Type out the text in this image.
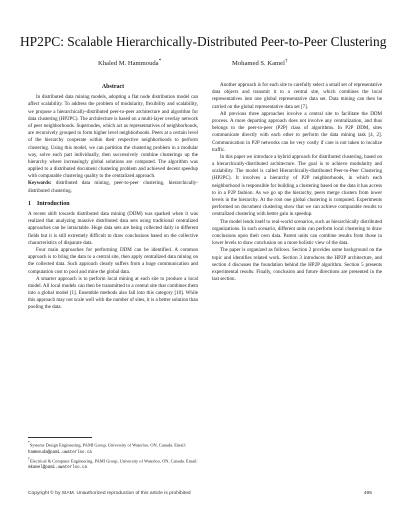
HP2PC: Scalable Hierarchically-Distributed Peer-to-Peer Clustering
Khaled M. Hammouda*	Mohamed S. Kamel†
Abstract

In distributed data mining models, adopting a flat node distribution model can affect scalability. To address the problem of modularity, flexibility and scalability, we propose a hierarchically-distributed peer-to-peer architecture and algorithm for data clustering (HP2PC). The architecture is based on a multi-layer overlay network of peer neighborhoods. Supernodes, which act as representatives of neighborhoods, are recursively grouped to form higher level neighborhoods. Peers at a certain level of the hierarchy cooperate within their respective neighborhoods to perform clustering. Using this model, we can partition the clustering problem in a modular way, solve each part individually, then successively combine clusterings up the hierarchy where increasingly global solutions are computed. The algorithm was applied to a distributed document clustering problem and achieved decent speedup with comparable clustering quality to the centralized approach.

Keywords: distributed data mining, peer-to-peer clustering, hierarchically-distributed clustering.

1 Introduction

A recent shift towards distributed data mining (DDM) was sparked when it was realized that analyzing massive distributed data sets using traditional centralized approaches can be intractable. Huge data sets are being collected daily in different fields but it is still extremely difficult to draw conclusions based on the collective characteristics of disparate data.

Four main approaches for performing DDM can be identified. A common approach is to bring the data to a central site, then apply centralized data mining on the collected data. Such approach clearly suffers from a huge communication and computation cost to pool and mine the global data.

A smarter approach is to perform local mining at each site to produce a local model. All local models can then be transmitted to a central site that combines them into a global model [1]. Ensemble methods also fall into this category [10]. While this approach may not scale well with the number of sites, it is a better solution than pooling the data.

Another approach is for each site to carefully select a small set of representative data objects and transmit it to a central site, which combines the local representatives into one global representative data set. Data mining can then be carried on the global representative data set [7].

All previous three approaches involve a central site to facilitate the DDM process. A more departing approach does not involve any centralization, and thus belongs to the peer-to-peer (P2P) class of algorithms. In P2P DDM, sites communicate directly with each other to perform the data mining task [4, 2]. Communication in P2P networks can be very costly if care is not taken to localize traffic.

In this paper we introduce a hybrid approach for distributed clustering, based on a hierarchically-distributed architecture. The goal is to achieve modularity and scalability. The model is called Hierarchically-distributed Peer-to-Peer Clustering (HP2PC). It involves a hierarchy of P2P neighborhoods, in which each neighborhood is responsible for building a clustering based on the data it has access to in a P2P fashion. As we go up the hierarchy, peers merge clusters from lower levels in the hierarchy. At the root one global clustering is computed. Experiments performed on document clustering show that we can achieve comparable results to centralized clustering with better gain in speedup.

The model lends itself to real-world scenarios, such as hierarchically distributed organizations. In such scenario, different units can perform local clustering to draw conclusions upon their own data. Parent units can combine results from those in lower levels to draw conclusion on a more holistic view of the data.

The paper is organized as follows. Section 2 provides some background on the topic and identifies related work. Section 3 introduces the HP2P architecture, and section 4 discusses the foundation behind the HP2P algorithm. Section 5 presents experimental results. Finally, conclusion and future directions are presented in the last section.

*Systems Design Engineering, PAMI Group, University of Waterloo, ON, Canada. Email: hammouda@pami.uwaterloo.ca
†Electrical & Computer Engineering, PAMI Group, University of Waterloo, ON, Canada. Email: mkamel@pami.uwaterloo.ca
Copyright © by SIAM. Unauthorized reproduction of this article is prohibited	495
